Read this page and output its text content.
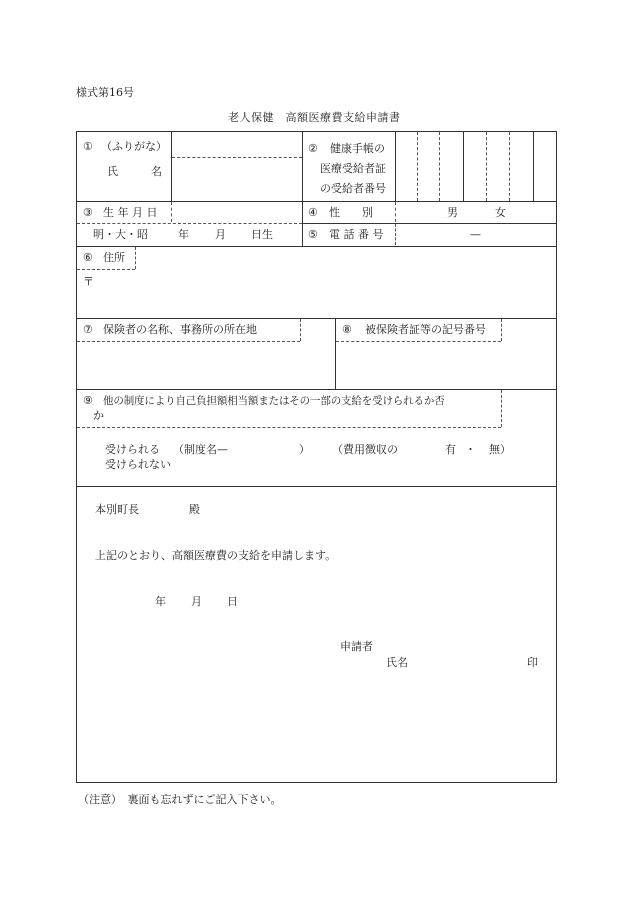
様式第16号
老人保健　高額医療費支給申請書
① （ふりがな）
氏　　　名
② 健康手帳の
医療受給者証
の受給者番号
③ 生 年 月 日
明・大・昭	年 月 日生
④ 性　　別	男	女
⑤ 電 話 番 号	—
⑥ 住所
〒
⑦ 保険者の名称、事務所の所在地	⑧ 被保険者証等の記号番号
⑨ 他の制度により自己負担額相当額またはその一部の支給を受けられるか否
か
受けられる （制度名—	） （費用徴収の	有 ・ 無）
受けられない
本別町長	殿
上記のとおり、高額医療費の支給を申請します。
年 月 日
申請者
氏名	印
（注意）　裏面も忘れずにご記入下さい。
